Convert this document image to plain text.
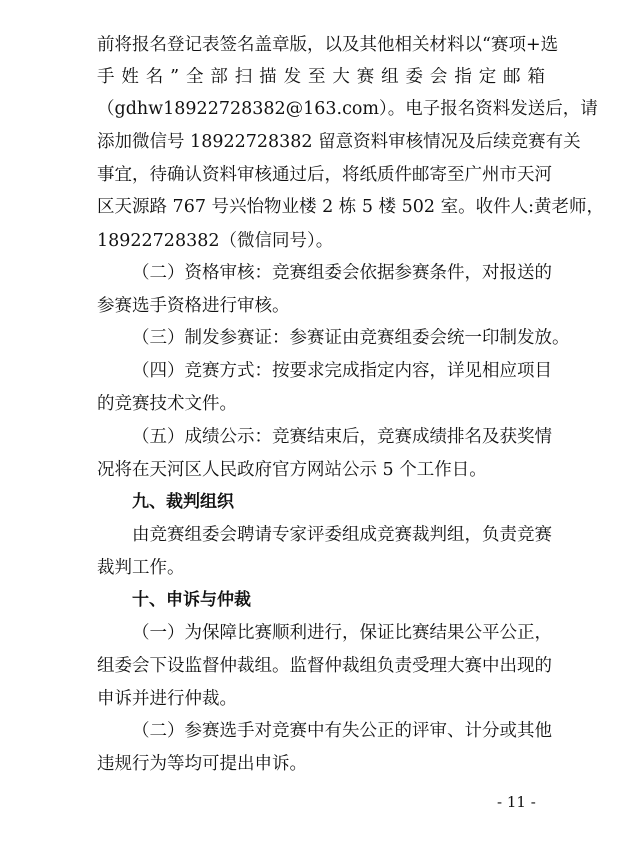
前将报名登记表签名盖章版，以及其他相关材料以“赛项+选
手姓名”全部扫描发至大赛组委会指定邮箱
（gdhw18922728382@163.com）。电子报名资料发送后，请
添加微信号 18922728382 留意资料审核情况及后续竞赛有关
事宜，待确认资料审核通过后，将纸质件邮寄至广州市天河
区天源路 767 号兴怡物业楼 2 栋 5 楼 502 室。收件人:黄老师，
18922728382（微信同号）。
（二）资格审核：竞赛组委会依据参赛条件，对报送的
参赛选手资格进行审核。
（三）制发参赛证：参赛证由竞赛组委会统一印制发放。
（四）竞赛方式：按要求完成指定内容，详见相应项目
的竞赛技术文件。
（五）成绩公示：竞赛结束后，竞赛成绩排名及获奖情
况将在天河区人民政府官方网站公示 5 个工作日。
九、裁判组织
由竞赛组委会聘请专家评委组成竞赛裁判组，负责竞赛
裁判工作。
十、申诉与仲裁
（一）为保障比赛顺利进行，保证比赛结果公平公正，
组委会下设监督仲裁组。监督仲裁组负责受理大赛中出现的
申诉并进行仲裁。
（二）参赛选手对竞赛中有失公正的评审、计分或其他
违规行为等均可提出申诉。
- 11 -
